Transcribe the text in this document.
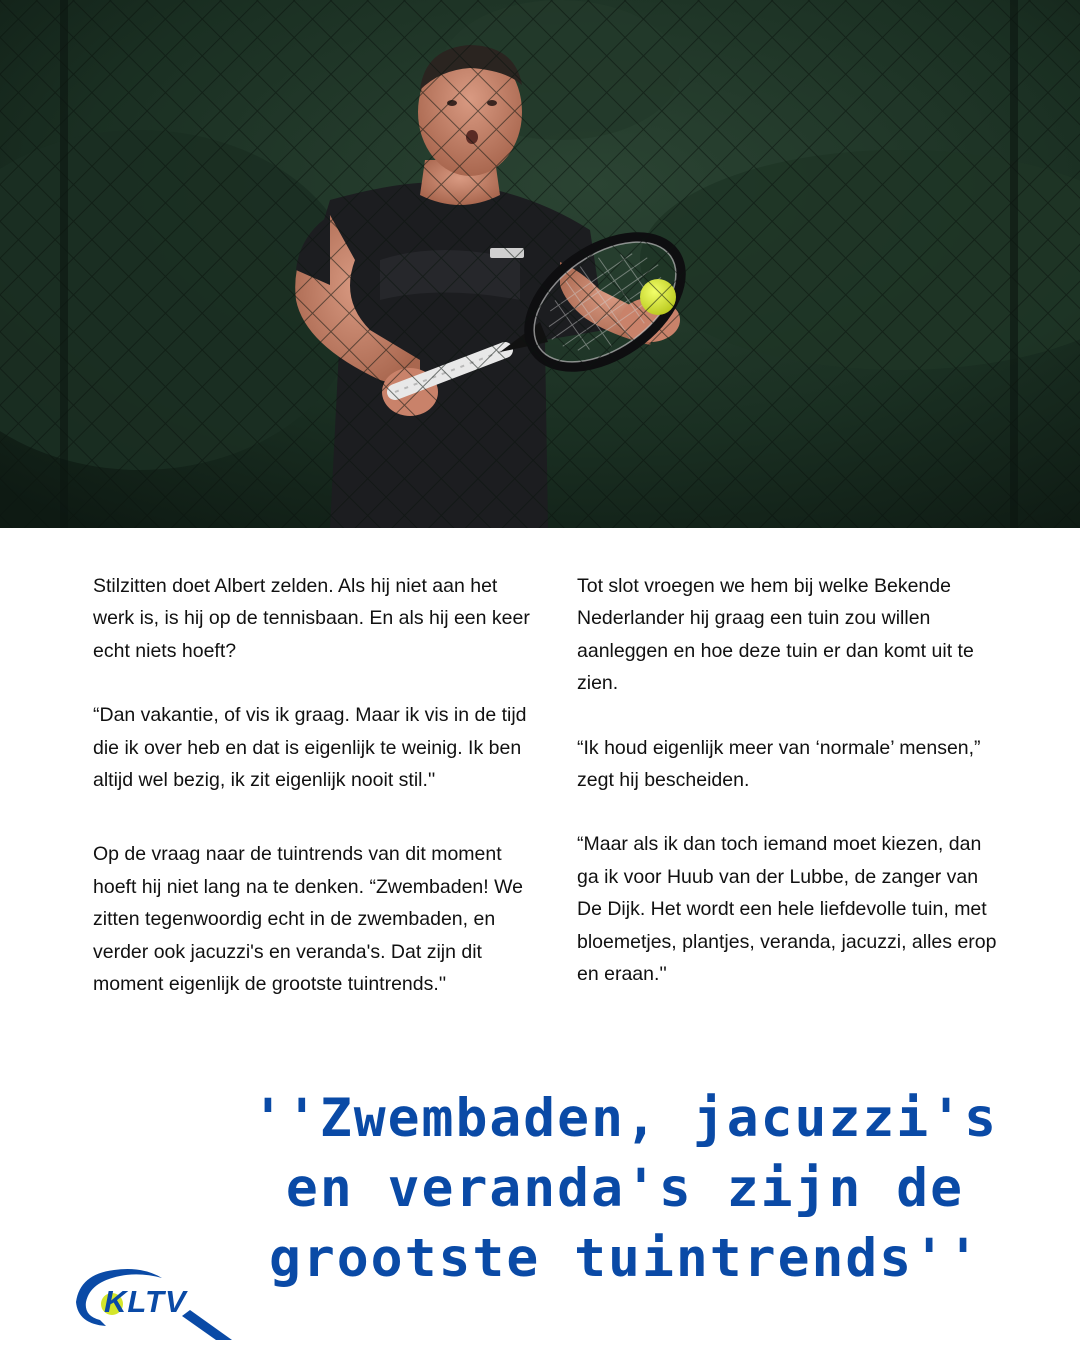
Stilzitten doet Albert zelden. Als hij niet aan het werk is, is hij op de tennisbaan. En als hij een keer echt niets hoeft?

“Dan vakantie, of vis ik graag. Maar ik vis in de tijd die ik over heb en dat is eigenlijk te weinig. Ik ben altijd wel bezig, ik zit eigenlijk nooit stil.''

Op de vraag naar de tuintrends van dit moment hoeft hij niet lang na te denken. “Zwembaden! We zitten tegenwoordig echt in de zwembaden, en verder ook jacuzzi's en veranda's. Dat zijn dit moment eigenlijk de grootste tuintrends.''

Tot slot vroegen we hem bij welke Bekende Nederlander hij graag een tuin zou willen aanleggen en hoe deze tuin er dan komt uit te zien.

“Ik houd eigenlijk meer van ‘normale’ mensen,” zegt hij bescheiden.

“Maar als ik dan toch iemand moet kiezen, dan ga ik voor Huub van der Lubbe, de zanger van De Dijk. Het wordt een hele liefdevolle tuin, met bloemetjes, plantjes, veranda, jacuzzi, alles erop en eraan.''

''Zwembaden, jacuzzi's
en veranda's zijn de
grootste tuintrends''
KLTV
